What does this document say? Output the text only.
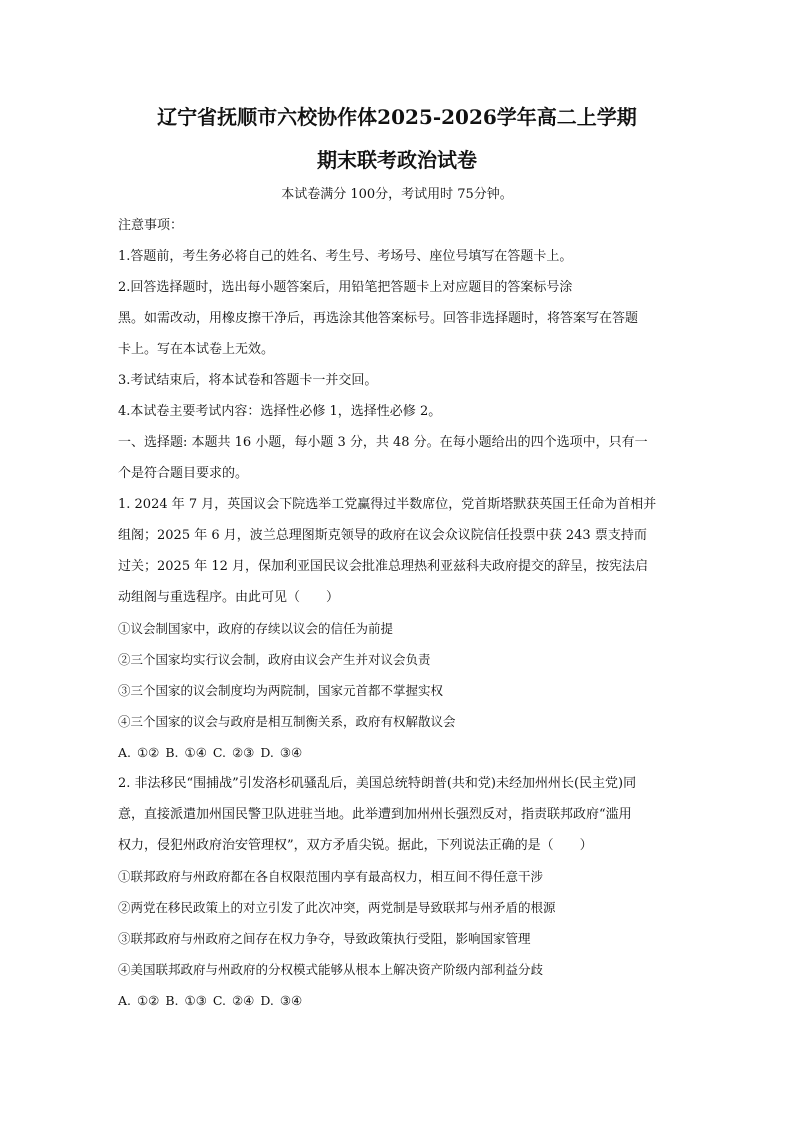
辽宁省抚顺市六校协作体2025-2026学年高二上学期
期末联考政治试卷
本试卷满分 100分，考试用时 75分钟。
注意事项：
1.答题前，考生务必将自己的姓名、考生号、考场号、座位号填写在答题卡上。
2.回答选择题时，选出每小题答案后，用铅笔把答题卡上对应题目的答案标号涂
黑。如需改动，用橡皮擦干净后，再选涂其他答案标号。回答非选择题时，将答案写在答题
卡上。写在本试卷上无效。
3.考试结束后，将本试卷和答题卡一并交回。
4.本试卷主要考试内容：选择性必修 1，选择性必修 2。
一、选择题: 本题共 16 小题，每小题 3 分，共 48 分。在每小题给出的四个选项中，只有一
个是符合题目要求的。
1. 2024 年 7 月，英国议会下院选举工党赢得过半数席位，党首斯塔默获英国王任命为首相并
组阁；2025 年 6 月，波兰总理图斯克领导的政府在议会众议院信任投票中获 243 票支持而
过关；2025 年 12 月，保加利亚国民议会批准总理热利亚兹科夫政府提交的辞呈，按宪法启
动组阁与重选程序。由此可见（　　）
①议会制国家中，政府的存续以议会的信任为前提
②三个国家均实行议会制，政府由议会产生并对议会负责
③三个国家的议会制度均为两院制，国家元首都不掌握实权
④三个国家的议会与政府是相互制衡关系，政府有权解散议会
A. ①② B. ①④ C. ②③ D. ③④
2. 非法移民“围捕战”引发洛杉矶骚乱后，美国总统特朗普(共和党)未经加州州长(民主党)同
意，直接派遣加州国民警卫队进驻当地。此举遭到加州州长强烈反对，指责联邦政府“滥用
权力，侵犯州政府治安管理权”，双方矛盾尖锐。据此，下列说法正确的是（　　）
①联邦政府与州政府都在各自权限范围内享有最高权力，相互间不得任意干涉
②两党在移民政策上的对立引发了此次冲突，两党制是导致联邦与州矛盾的根源
③联邦政府与州政府之间存在权力争夺，导致政策执行受阻，影响国家管理
④美国联邦政府与州政府的分权模式能够从根本上解决资产阶级内部利益分歧
A. ①② B. ①③ C. ②④ D. ③④
